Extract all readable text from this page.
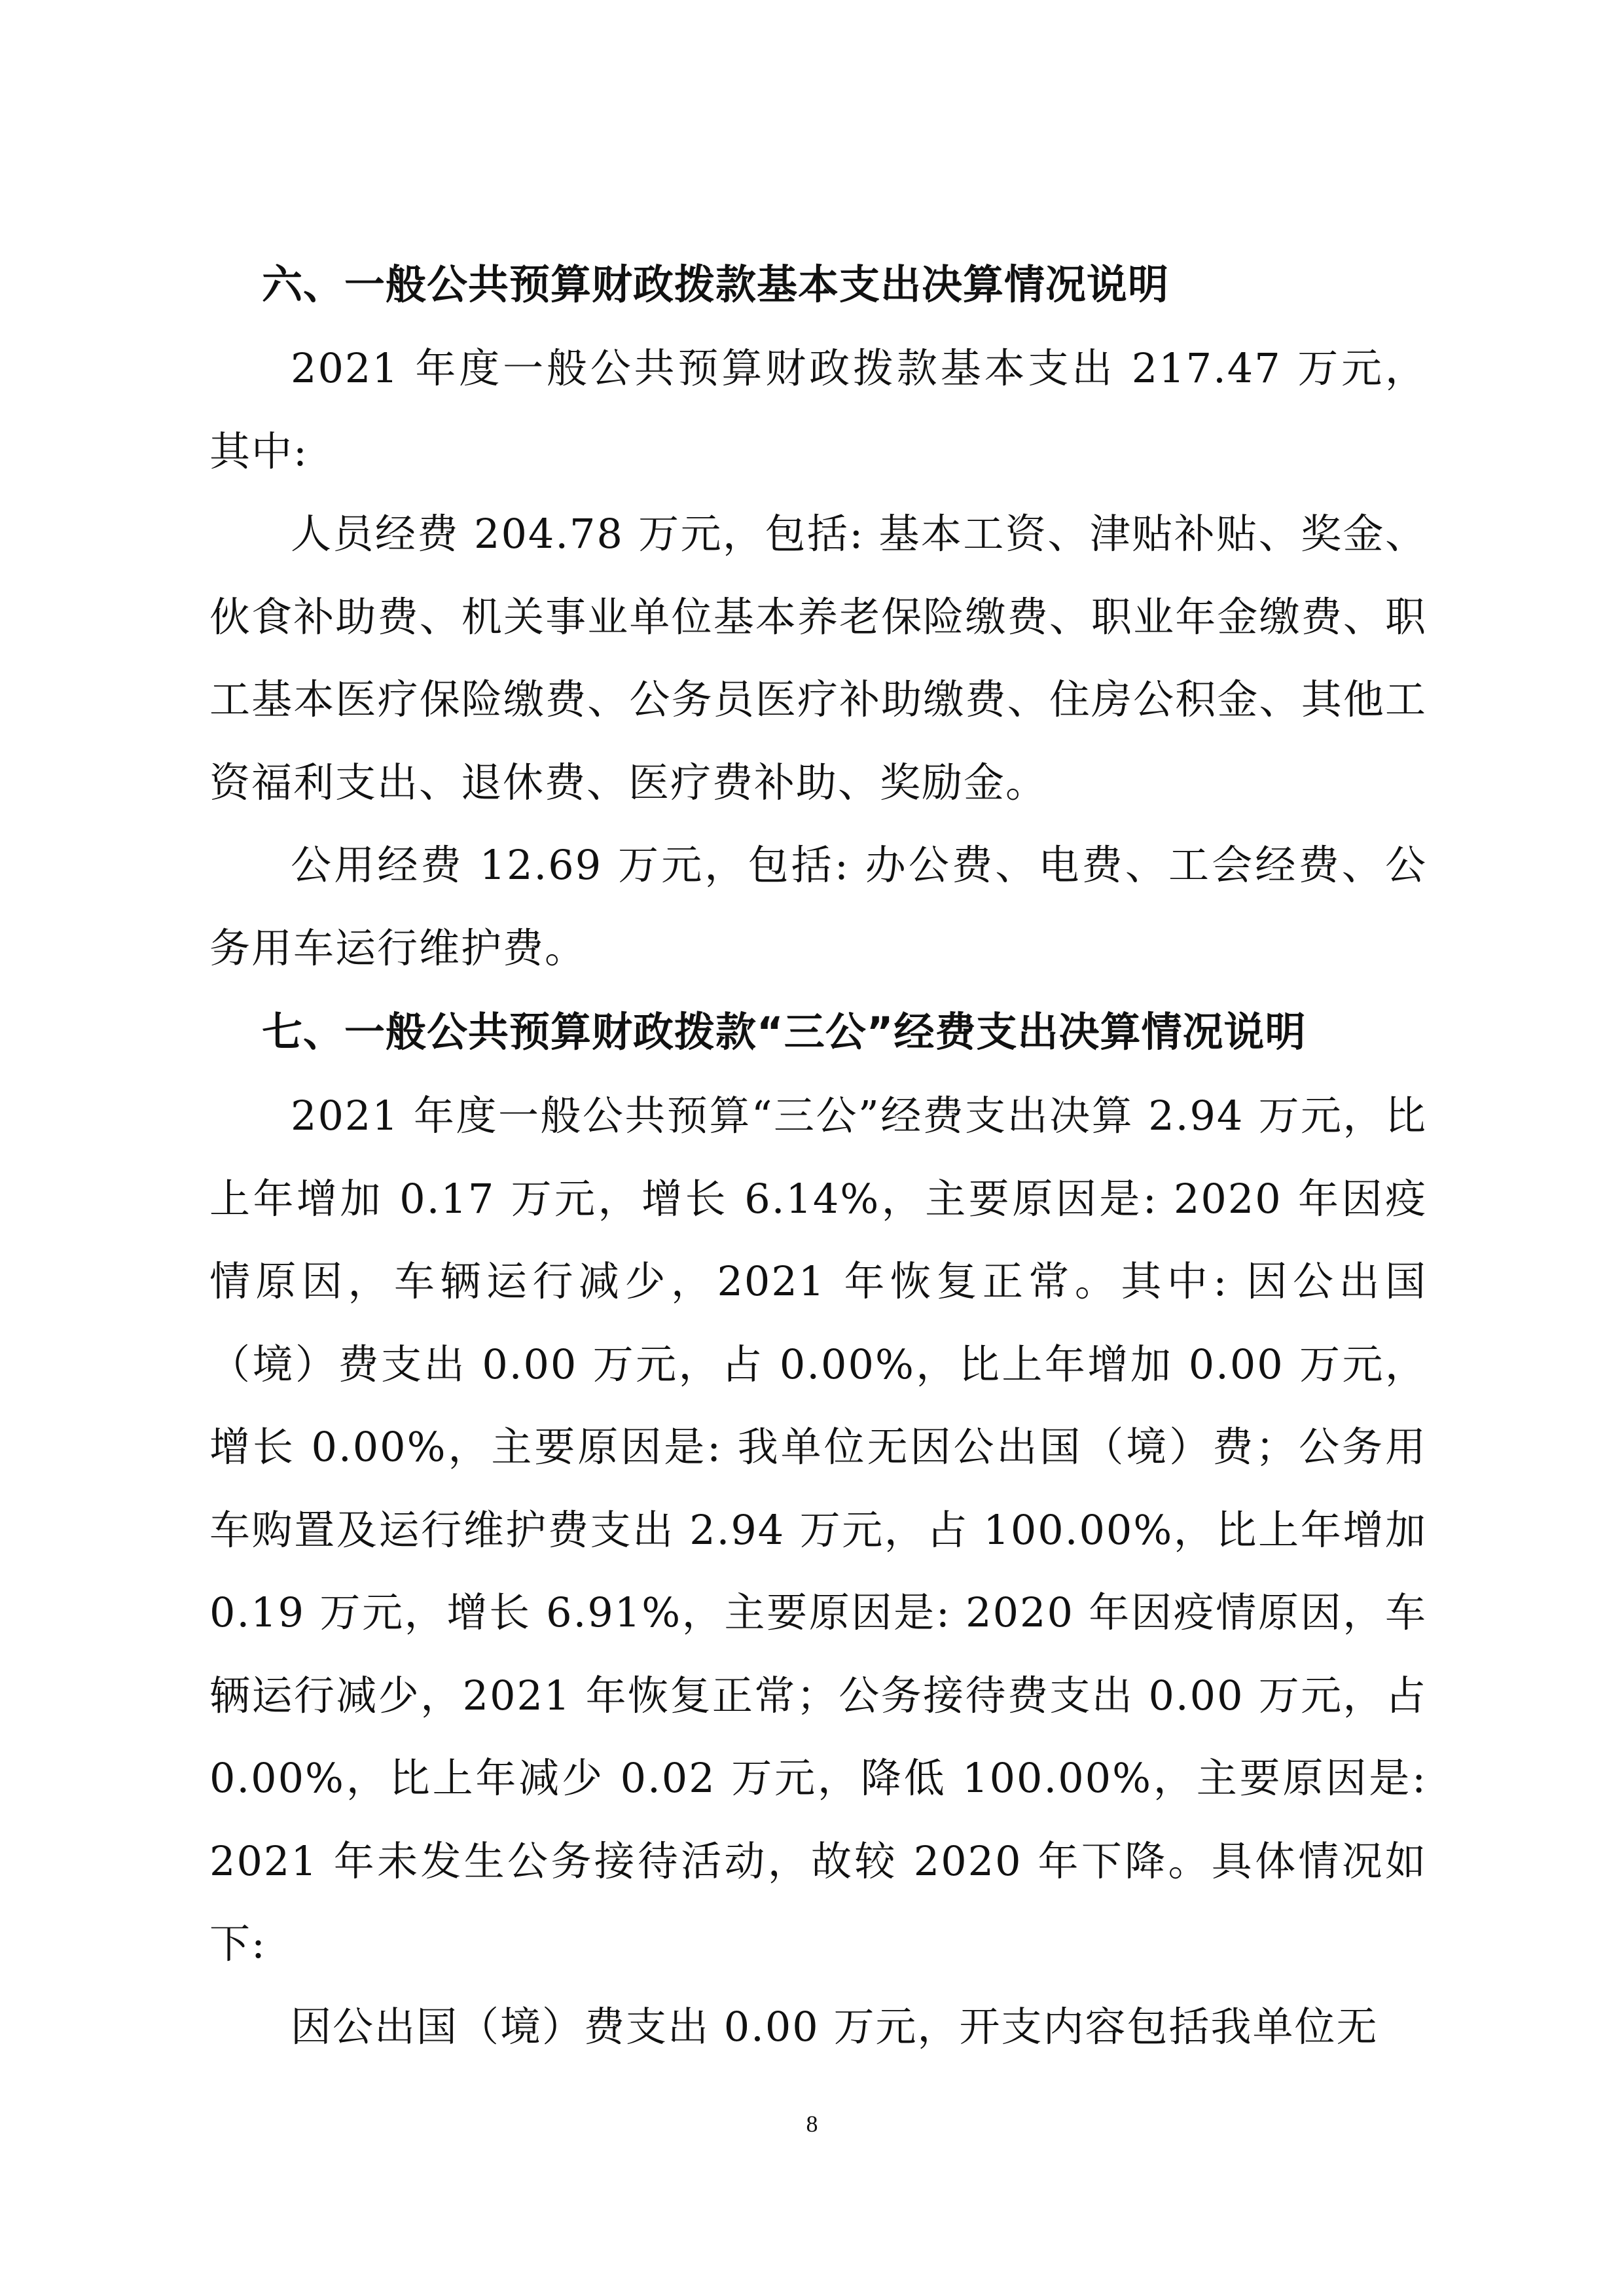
六、一般公共预算财政拨款基本支出决算情况说明

2021 年度一般公共预算财政拨款基本支出 217.47 万元，其中:

人员经费 204.78 万元，包括: 基本工资、津贴补贴、奖金、伙食补助费、机关事业单位基本养老保险缴费、职业年金缴费、职工基本医疗保险缴费、公务员医疗补助缴费、住房公积金、其他工资福利支出、退休费、医疗费补助、奖励金。

公用经费 12.69 万元，包括: 办公费、电费、工会经费、公务用车运行维护费。

七、一般公共预算财政拨款“三公”经费支出决算情况说明

2021 年度一般公共预算“三公”经费支出决算 2.94 万元，比上年增加 0.17 万元，增长 6.14%，主要原因是: 2020 年因疫情原因，车辆运行减少，2021 年恢复正常。其中: 因公出国（境）费支出 0.00 万元，占 0.00%，比上年增加 0.00 万元，增长 0.00%，主要原因是: 我单位无因公出国（境）费；公务用车购置及运行维护费支出 2.94 万元，占 100.00%，比上年增加 0.19 万元，增长 6.91%，主要原因是: 2020 年因疫情原因，车辆运行减少，2021 年恢复正常；公务接待费支出 0.00 万元，占 0.00%，比上年减少 0.02 万元，降低 100.00%，主要原因是: 2021 年未发生公务接待活动，故较 2020 年下降。具体情况如下:

因公出国（境）费支出 0.00 万元，开支内容包括我单位无

8
